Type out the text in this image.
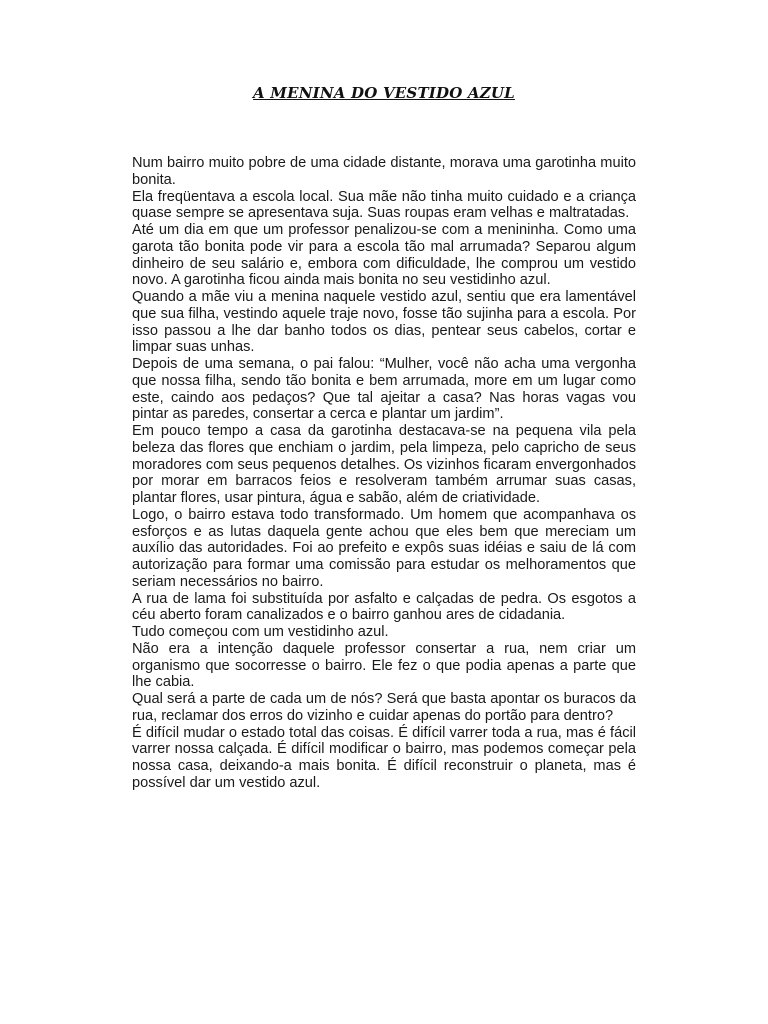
A MENINA DO VESTIDO AZUL

Num bairro muito pobre de uma cidade distante, morava uma garotinha muito bonita.

Ela freqüentava a escola local. Sua mãe não tinha muito cuidado e a criança quase sempre se apresentava suja. Suas roupas eram velhas e maltratadas.

Até um dia em que um professor penalizou-se com a menininha. Como uma garota tão bonita pode vir para a escola tão mal arrumada? Separou algum dinheiro de seu salário e, embora com dificuldade, lhe comprou um vestido novo. A garotinha ficou ainda mais bonita no seu vestidinho azul.

Quando a mãe viu a menina naquele vestido azul, sentiu que era lamentável que sua filha, vestindo aquele traje novo, fosse tão sujinha para a escola. Por isso passou a lhe dar banho todos os dias, pentear seus cabelos, cortar e limpar suas unhas.

Depois de uma semana, o pai falou: “Mulher, você não acha uma vergonha que nossa filha, sendo tão bonita e bem arrumada, more em um lugar como este, caindo aos pedaços? Que tal ajeitar a casa? Nas horas vagas vou pintar as paredes, consertar a cerca e plantar um jardim”.

Em pouco tempo a casa da garotinha destacava-se na pequena vila pela beleza das flores que enchiam o jardim, pela limpeza, pelo capricho de seus moradores com seus pequenos detalhes. Os vizinhos ficaram envergonhados por morar em barracos feios e resolveram também arrumar suas casas, plantar flores, usar pintura, água e sabão, além de criatividade.

Logo, o bairro estava todo transformado. Um homem que acompanhava os esforços e as lutas daquela gente achou que eles bem que mereciam um auxílio das autoridades. Foi ao prefeito e expôs suas idéias e saiu de lá com autorização para formar uma comissão para estudar os melhoramentos que seriam necessários no bairro.

A rua de lama foi substituída por asfalto e calçadas de pedra. Os esgotos a céu aberto foram canalizados e o bairro ganhou ares de cidadania.

Tudo começou com um vestidinho azul.

Não era a intenção daquele professor consertar a rua, nem criar um organismo que socorresse o bairro. Ele fez o que podia apenas a parte que lhe cabia.

Qual será a parte de cada um de nós? Será que basta apontar os buracos da rua, reclamar dos erros do vizinho e cuidar apenas do portão para dentro?

É difícil mudar o estado total das coisas. É difícil varrer toda a rua, mas é fácil varrer nossa calçada. É difícil modificar o bairro, mas podemos começar pela nossa casa, deixando-a mais bonita. É difícil reconstruir o planeta, mas é possível dar um vestido azul.
